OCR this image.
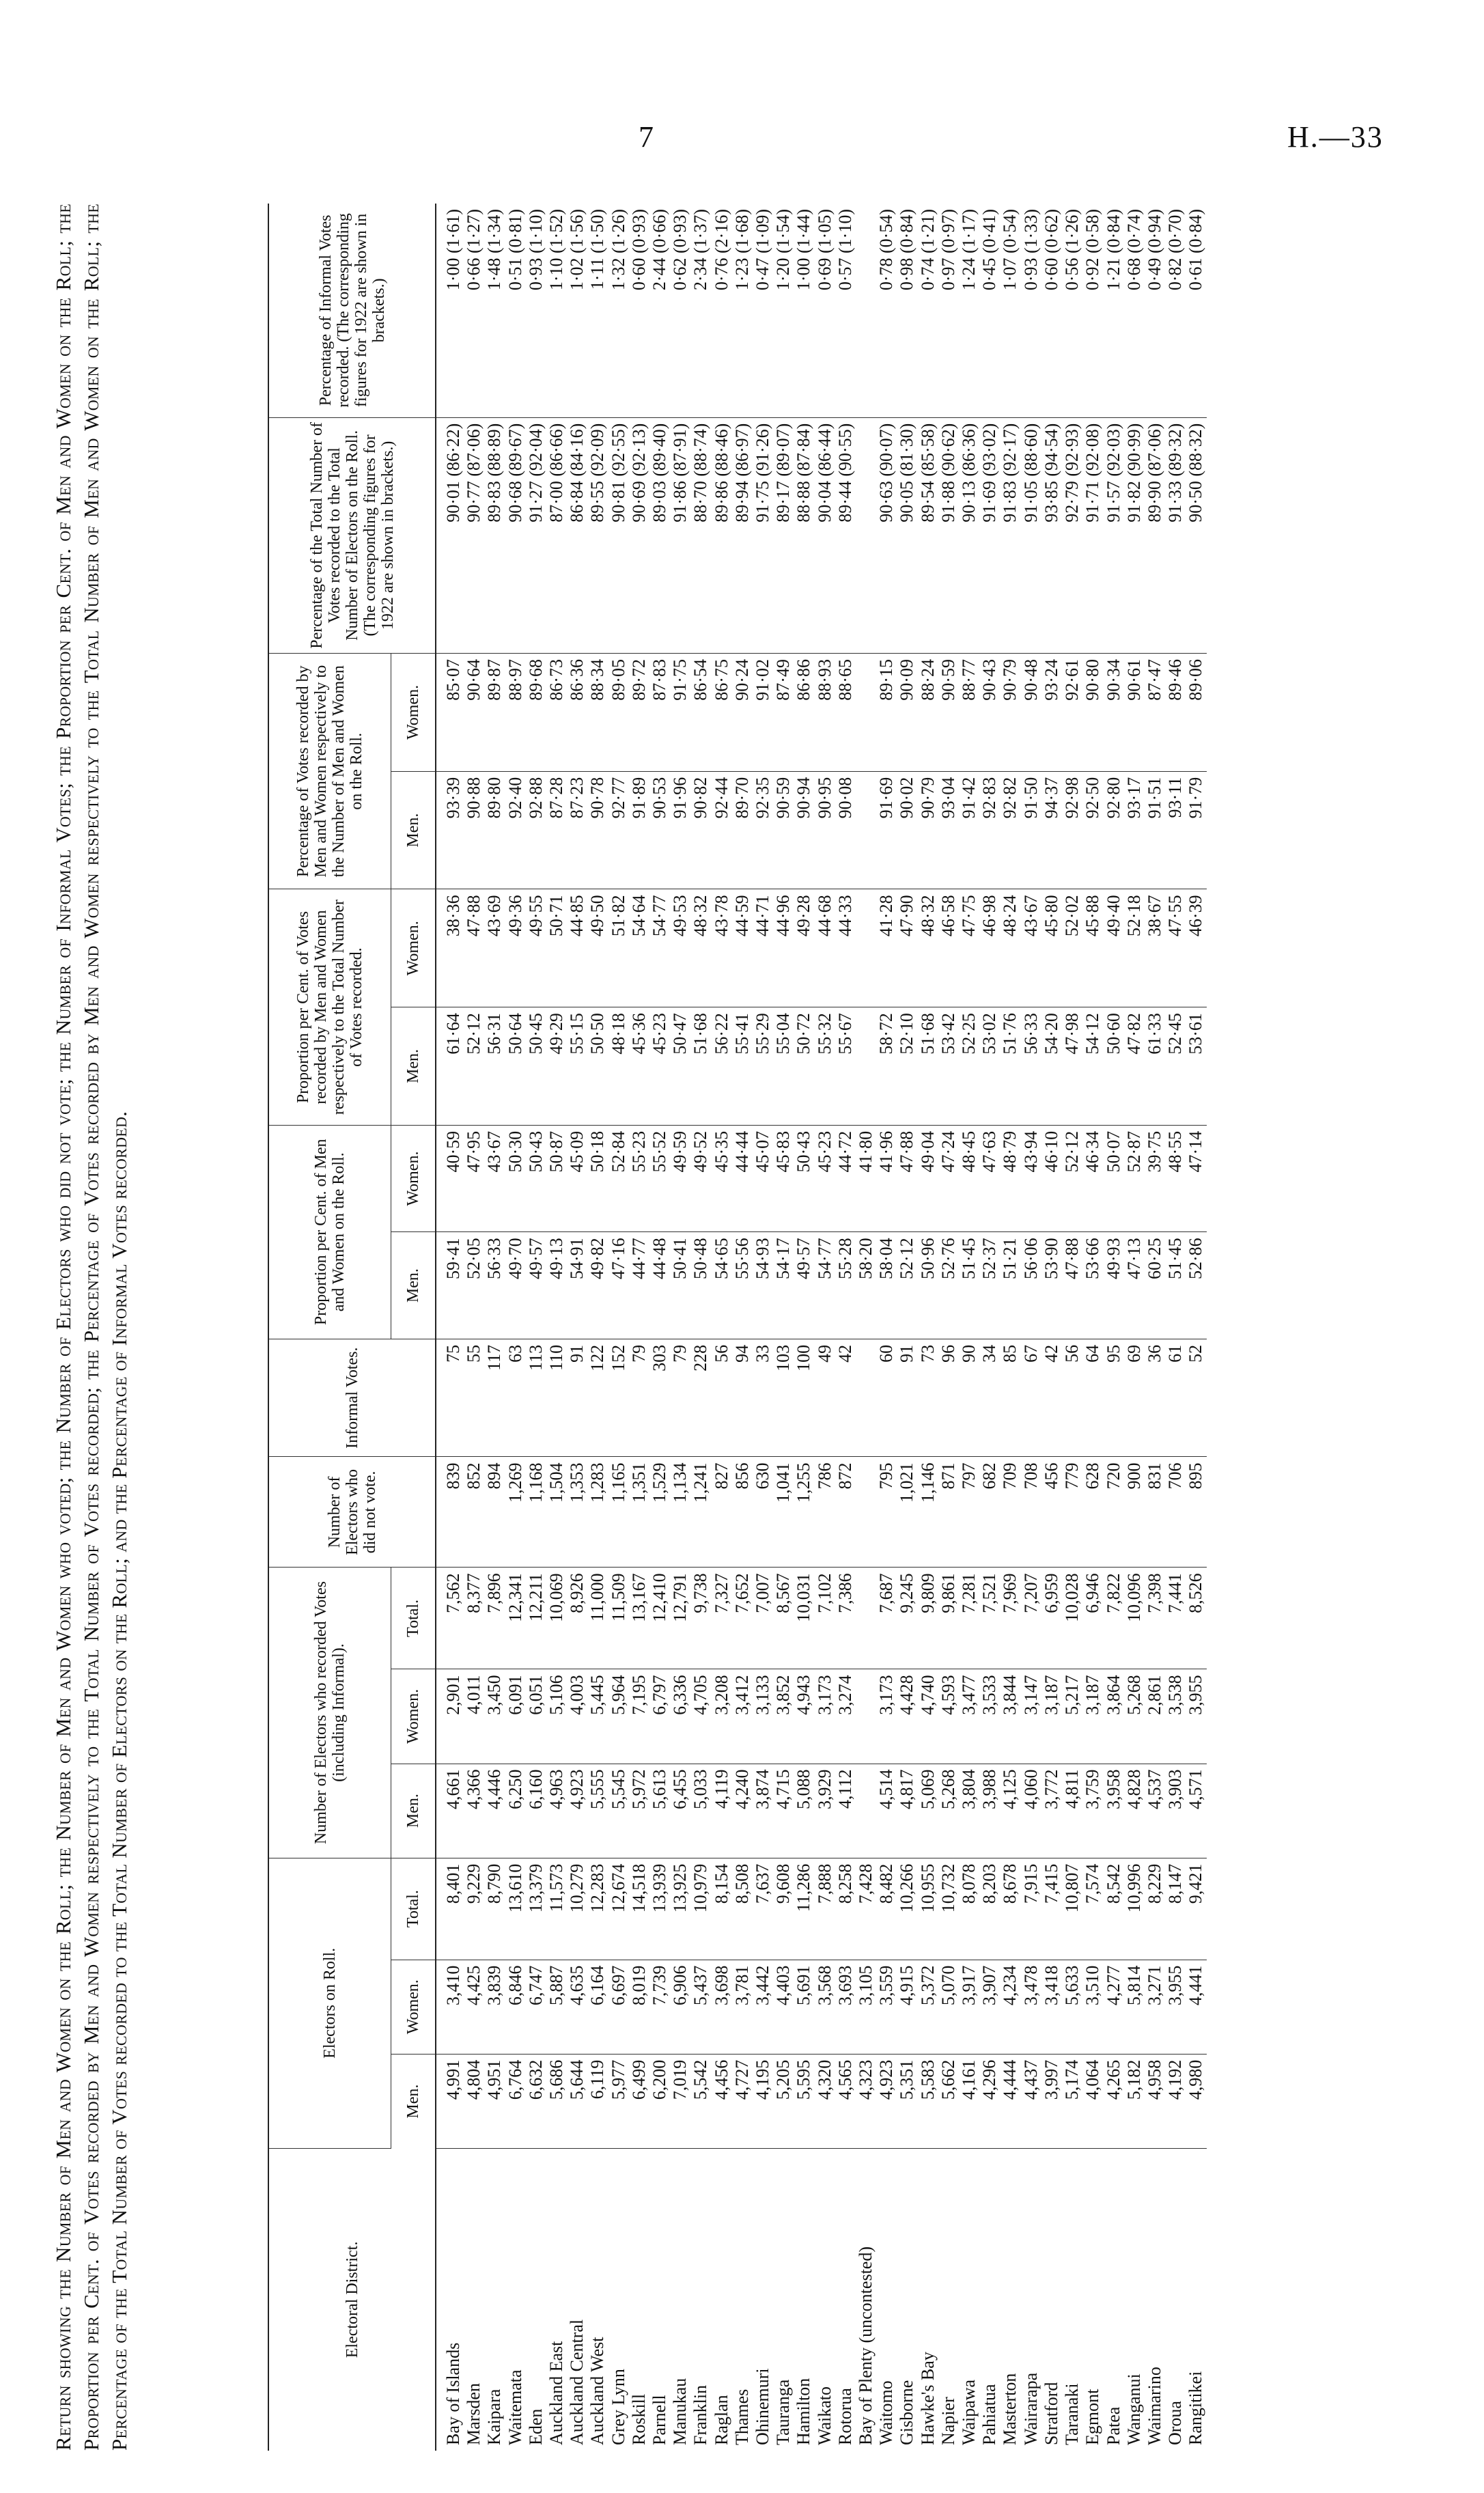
7	H.—33
Return showing the Number of Men and Women on the Roll; the Number of Men and Women who voted; the Number of Electors who did not vote; the Number of Informal Votes; the Proportion per Cent. of Men and Women on the Roll; the Proportion per Cent. of Votes recorded by Men and Women respectively to the Total Number of Votes recorded; the Percentage of Votes recorded by Men and Women respectively to the Total Number of Men and Women on the Roll; the Percentage of the Total Number of Votes recorded to the Total Number of Electors on the Roll; and the Percentage of Informal Votes recorded.	Electoral District.	Electors on Roll.			Number of Electors who recorded Votes (including Informal).			Number of Electors who did not vote.	Informal Votes.	Proportion per Cent. of Men and Women on the Roll.		Proportion per Cent. of Votes recorded by Men and Women respectively to the Total Number of Votes recorded.		Percentage of Votes recorded by Men and Women respectively to the Number of Men and Women on the Roll.		Percentage of the Total Number of Votes recorded to the Total Number of Electors on the Roll. (The corresponding figures for 1922 are shown in brackets.)	Percentage of Informal Votes recorded. (The corresponding figures for 1922 are shown in brackets.)
	Men.	Women.	Total.	Men.	Women.	Total.			Men.	Women.	Men.	Women.	Men.	Women.		
Bay of Islands	4,991	3,410	8,401	4,661	2,901	7,562	839	75	59·41	40·59	61·64	38·36	93·39	85·07	90·01 (86·22)	1·00 (1·61)
Marsden	4,804	4,425	9,229	4,366	4,011	8,377	852	55	52·05	47·95	52·12	47·88	90·88	90·64	90·77 (87·06)	0·66 (1·27)
Kaipara	4,951	3,839	8,790	4,446	3,450	7,896	894	117	56·33	43·67	56·31	43·69	89·80	89·87	89·83 (88·89)	1·48 (1·34)
Waitemata	6,764	6,846	13,610	6,250	6,091	12,341	1,269	63	49·70	50·30	50·64	49·36	92·40	88·97	90·68 (89·67)	0·51 (0·81)
Eden	6,632	6,747	13,379	6,160	6,051	12,211	1,168	113	49·57	50·43	50·45	49·55	92·88	89·68	91·27 (92·04)	0·93 (1·10)
Auckland East	5,686	5,887	11,573	4,963	5,106	10,069	1,504	110	49·13	50·87	49·29	50·71	87·28	86·73	87·00 (86·66)	1·10 (1·52)
Auckland Central	5,644	4,635	10,279	4,923	4,003	8,926	1,353	91	54·91	45·09	55·15	44·85	87·23	86·36	86·84 (84·16)	1·02 (1·56)
Auckland West	6,119	6,164	12,283	5,555	5,445	11,000	1,283	122	49·82	50·18	50·50	49·50	90·78	88·34	89·55 (92·09)	1·11 (1·50)
Grey Lynn	5,977	6,697	12,674	5,545	5,964	11,509	1,165	152	47·16	52·84	48·18	51·82	92·77	89·05	90·81 (92·55)	1·32 (1·26)
Roskill	6,499	8,019	14,518	5,972	7,195	13,167	1,351	79	44·77	55·23	45·36	54·64	91·89	89·72	90·69 (92·13)	0·60 (0·93)
Parnell	6,200	7,739	13,939	5,613	6,797	12,410	1,529	303	44·48	55·52	45·23	54·77	90·53	87·83	89·03 (89·40)	2·44 (0·66)
Manukau	7,019	6,906	13,925	6,455	6,336	12,791	1,134	79	50·41	49·59	50·47	49·53	91·96	91·75	91·86 (87·91)	0·62 (0·93)
Franklin	5,542	5,437	10,979	5,033	4,705	9,738	1,241	228	50·48	49·52	51·68	48·32	90·82	86·54	88·70 (88·74)	2·34 (1·37)
Raglan	4,456	3,698	8,154	4,119	3,208	7,327	827	56	54·65	45·35	56·22	43·78	92·44	86·75	89·86 (88·46)	0·76 (2·16)
Thames	4,727	3,781	8,508	4,240	3,412	7,652	856	94	55·56	44·44	55·41	44·59	89·70	90·24	89·94 (86·97)	1·23 (1·68)
Ohinemuri	4,195	3,442	7,637	3,874	3,133	7,007	630	33	54·93	45·07	55·29	44·71	92·35	91·02	91·75 (91·26)	0·47 (1·09)
Tauranga	5,205	4,403	9,608	4,715	3,852	8,567	1,041	103	54·17	45·83	55·04	44·96	90·59	87·49	89·17 (89·07)	1·20 (1·54)
Hamilton	5,595	5,691	11,286	5,088	4,943	10,031	1,255	100	49·57	50·43	50·72	49·28	90·94	86·86	88·88 (87·84)	1·00 (1·44)
Waikato	4,320	3,568	7,888	3,929	3,173	7,102	786	49	54·77	45·23	55·32	44·68	90·95	88·93	90·04 (86·44)	0·69 (1·05)
Rotorua	4,565	3,693	8,258	4,112	3,274	7,386	872	42	55·28	44·72	55·67	44·33	90·08	88·65	89·44 (90·55)	0·57 (1·10)
Bay of Plenty (uncontested)	4,323	3,105	7,428						58·20	41·80						
Waitomo	4,923	3,559	8,482	4,514	3,173	7,687	795	60	58·04	41·96	58·72	41·28	91·69	89·15	90·63 (90·07)	0·78 (0·54)
Gisborne	5,351	4,915	10,266	4,817	4,428	9,245	1,021	91	52·12	47·88	52·10	47·90	90·02	90·09	90·05 (81·30)	0·98 (0·84)
Hawke's Bay	5,583	5,372	10,955	5,069	4,740	9,809	1,146	73	50·96	49·04	51·68	48·32	90·79	88·24	89·54 (85·58)	0·74 (1·21)
Napier	5,662	5,070	10,732	5,268	4,593	9,861	871	96	52·76	47·24	53·42	46·58	93·04	90·59	91·88 (90·62)	0·97 (0·97)
Waipawa	4,161	3,917	8,078	3,804	3,477	7,281	797	90	51·45	48·45	52·25	47·75	91·42	88·77	90·13 (86·36)	1·24 (1·17)
Pahiatua	4,296	3,907	8,203	3,988	3,533	7,521	682	34	52·37	47·63	53·02	46·98	92·83	90·43	91·69 (93·02)	0·45 (0·41)
Masterton	4,444	4,234	8,678	4,125	3,844	7,969	709	85	51·21	48·79	51·76	48·24	92·82	90·79	91·83 (92·17)	1·07 (0·54)
Wairarapa	4,437	3,478	7,915	4,060	3,147	7,207	708	67	56·06	43·94	56·33	43·67	91·50	90·48	91·05 (88·60)	0·93 (1·33)
Stratford	3,997	3,418	7,415	3,772	3,187	6,959	456	42	53·90	46·10	54·20	45·80	94·37	93·24	93·85 (94·54)	0·60 (0·62)
Taranaki	5,174	5,633	10,807	4,811	5,217	10,028	779	56	47·88	52·12	47·98	52·02	92·98	92·61	92·79 (92·93)	0·56 (1·26)
Egmont	4,064	3,510	7,574	3,759	3,187	6,946	628	64	53·66	46·34	54·12	45·88	92·50	90·80	91·71 (92·08)	0·92 (0·58)
Patea	4,265	4,277	8,542	3,958	3,864	7,822	720	95	49·93	50·07	50·60	49·40	92·80	90·34	91·57 (92·03)	1·21 (0·84)
Wanganui	5,182	5,814	10,996	4,828	5,268	10,096	900	69	47·13	52·87	47·82	52·18	93·17	90·61	91·82 (90·99)	0·68 (0·74)
Waimarino	4,958	3,271	8,229	4,537	2,861	7,398	831	36	60·25	39·75	61·33	38·67	91·51	87·47	89·90 (87·06)	0·49 (0·94)
Oroua	4,192	3,955	8,147	3,903	3,538	7,441	706	61	51·45	48·55	52·45	47·55	93·11	89·46	91·33 (89·32)	0·82 (0·70)
Rangitikei	4,980	4,441	9,421	4,571	3,955	8,526	895	52	52·86	47·14	53·61	46·39	91·79	89·06	90·50 (88·32)	0·61 (0·84)
